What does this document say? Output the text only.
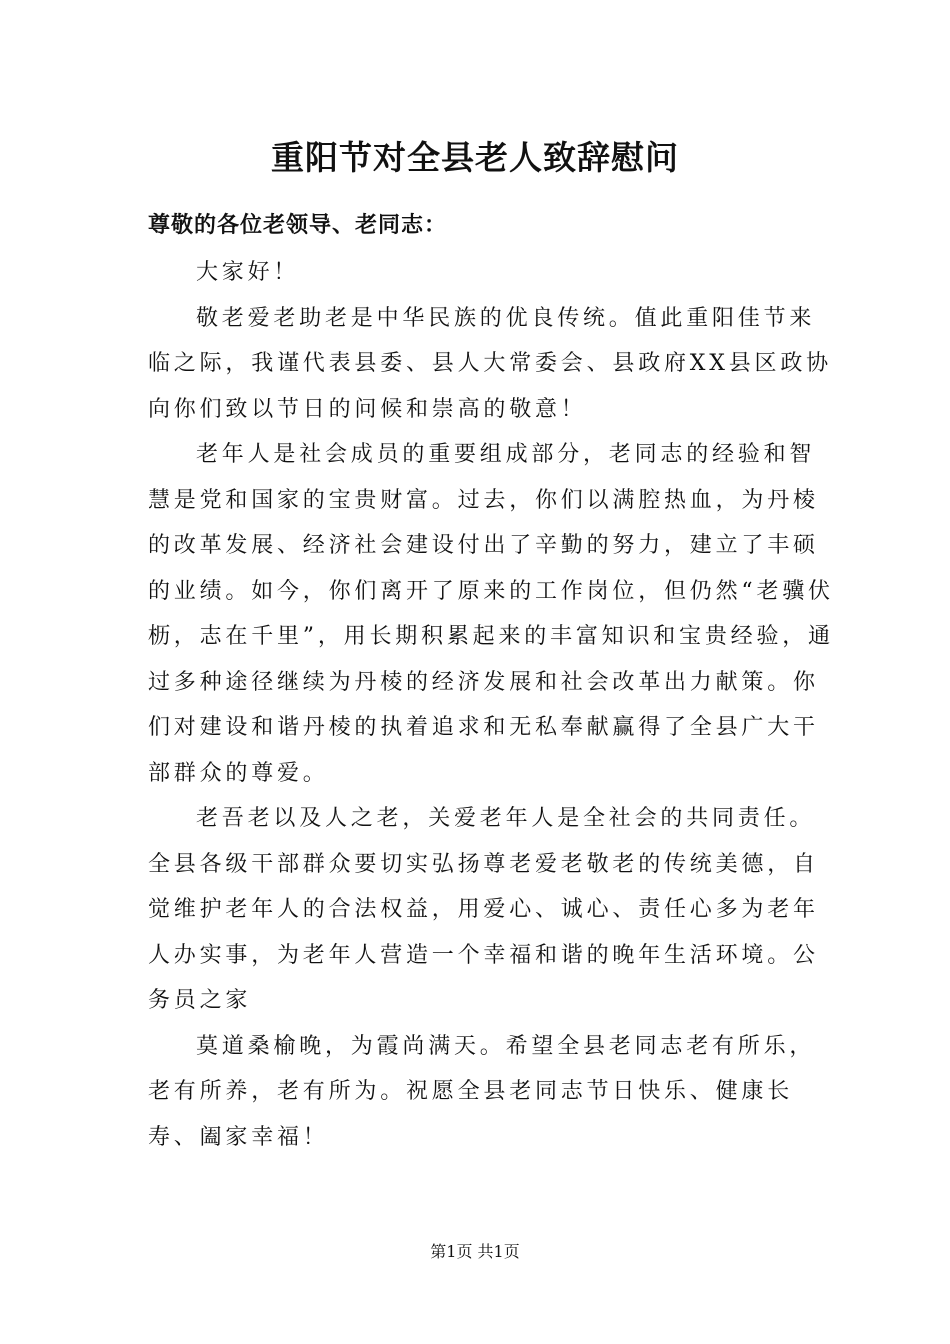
重阳节对全县老人致辞慰问
尊敬的各位老领导、老同志：

大家好！

敬老爱老助老是中华民族的优良传统。值此重阳佳节来临之际，我谨代表县委、县人大常委会、县政府XX县区政协向你们致以节日的问候和崇高的敬意！

老年人是社会成员的重要组成部分，老同志的经验和智慧是党和国家的宝贵财富。过去，你们以满腔热血，为丹棱的改革发展、经济社会建设付出了辛勤的努力，建立了丰硕的业绩。如今，你们离开了原来的工作岗位，但仍然“老骥伏枥，志在千里”，用长期积累起来的丰富知识和宝贵经验，通过多种途径继续为丹棱的经济发展和社会改革出力献策。你们对建设和谐丹棱的执着追求和无私奉献赢得了全县广大干部群众的尊爱。

老吾老以及人之老，关爱老年人是全社会的共同责任。全县各级干部群众要切实弘扬尊老爱老敬老的传统美德，自觉维护老年人的合法权益，用爱心、诚心、责任心多为老年人办实事，为老年人营造一个幸福和谐的晚年生活环境。公务员之家

莫道桑榆晚，为霞尚满天。希望全县老同志老有所乐，老有所养，老有所为。祝愿全县老同志节日快乐、健康长寿、阖家幸福！

第1页 共1页
